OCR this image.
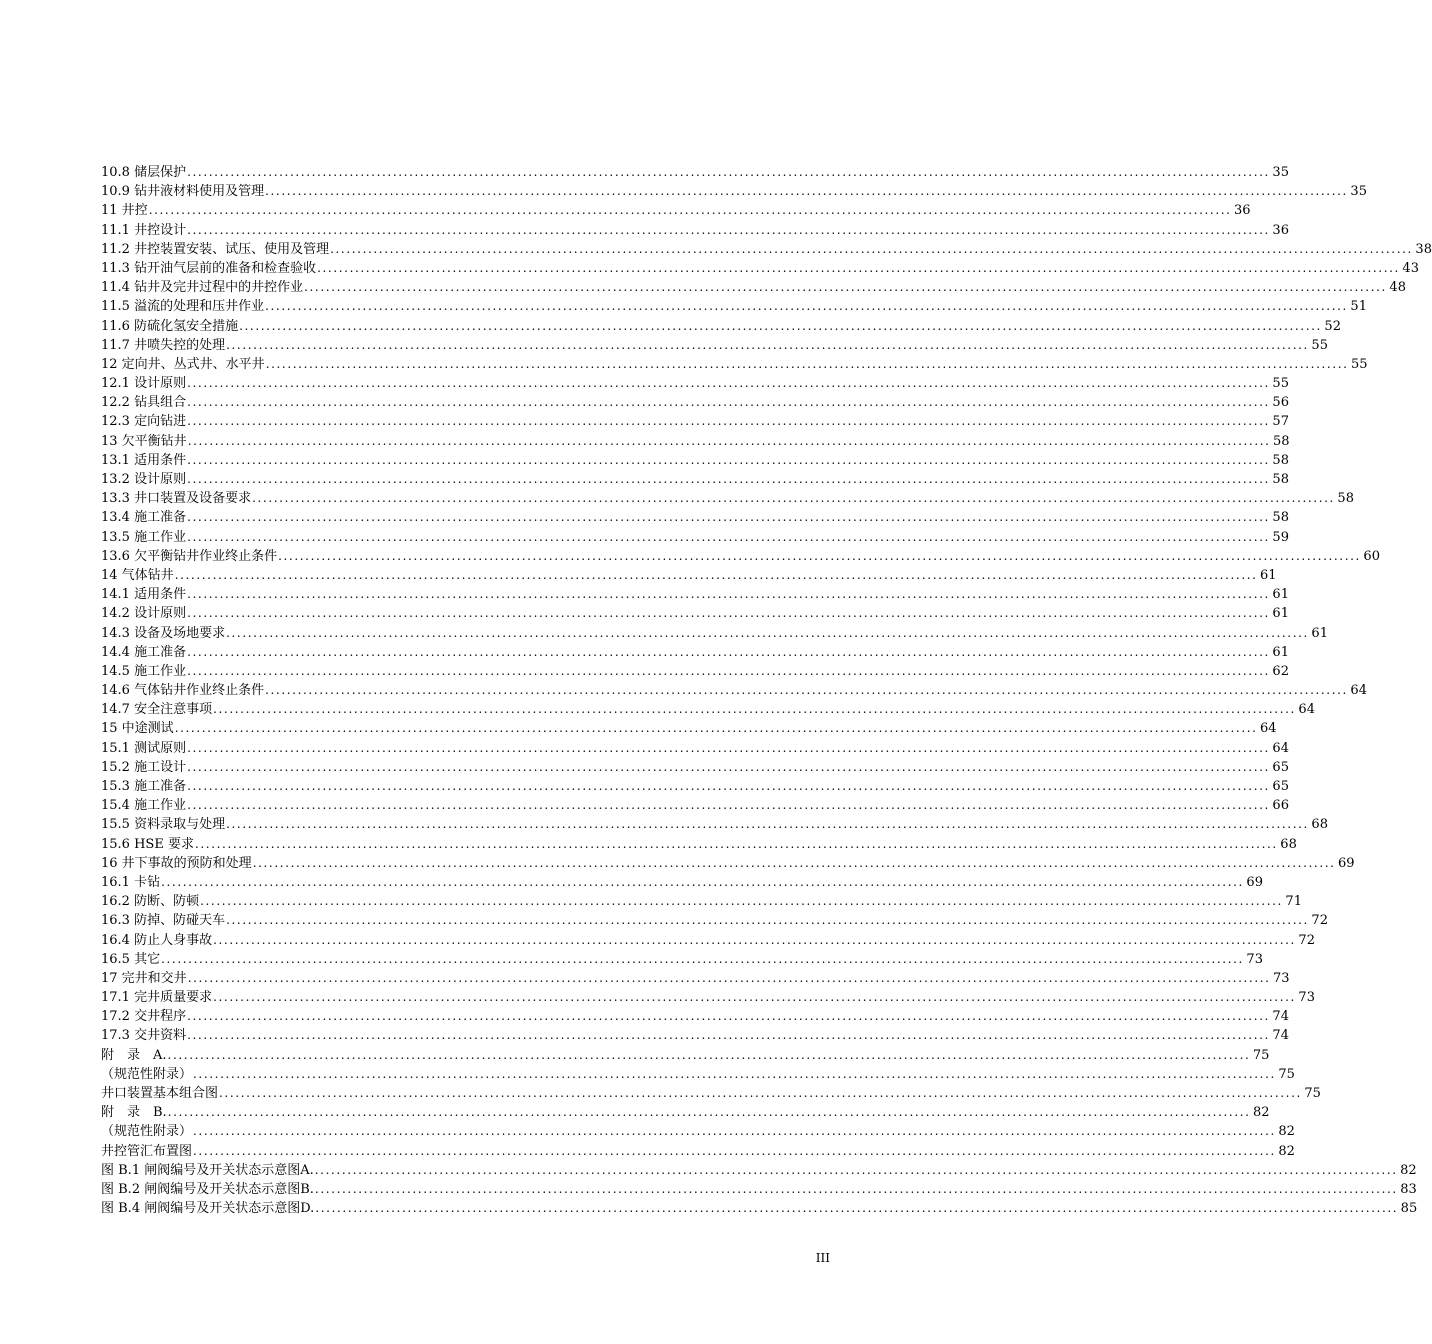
10.8 储层保护 ........................................................................................................................................................................................................ 35
10.9 钻井液材料使用及管理 ........................................................................................................................................................................................................ 35
11 井控 ........................................................................................................................................................................................................ 36
11.1 井控设计 ........................................................................................................................................................................................................ 36
11.2 井控装置安装、试压、使用及管理 ........................................................................................................................................................................................................ 38
11.3 钻开油气层前的准备和检查验收 ........................................................................................................................................................................................................ 43
11.4 钻井及完井过程中的井控作业 ........................................................................................................................................................................................................ 48
11.5 溢流的处理和压井作业 ........................................................................................................................................................................................................ 51
11.6 防硫化氢安全措施 ........................................................................................................................................................................................................ 52
11.7 井喷失控的处理 ........................................................................................................................................................................................................ 55
12 定向井、丛式井、水平井 ........................................................................................................................................................................................................ 55
12.1 设计原则 ........................................................................................................................................................................................................ 55
12.2 钻具组合 ........................................................................................................................................................................................................ 56
12.3 定向钻进 ........................................................................................................................................................................................................ 57
13 欠平衡钻井 ........................................................................................................................................................................................................ 58
13.1 适用条件 ........................................................................................................................................................................................................ 58
13.2 设计原则 ........................................................................................................................................................................................................ 58
13.3 井口装置及设备要求 ........................................................................................................................................................................................................ 58
13.4 施工准备 ........................................................................................................................................................................................................ 58
13.5 施工作业 ........................................................................................................................................................................................................ 59
13.6 欠平衡钻井作业终止条件 ........................................................................................................................................................................................................ 60
14 气体钻井 ........................................................................................................................................................................................................ 61
14.1 适用条件 ........................................................................................................................................................................................................ 61
14.2 设计原则 ........................................................................................................................................................................................................ 61
14.3 设备及场地要求 ........................................................................................................................................................................................................ 61
14.4 施工准备 ........................................................................................................................................................................................................ 61
14.5 施工作业 ........................................................................................................................................................................................................ 62
14.6 气体钻井作业终止条件 ........................................................................................................................................................................................................ 64
14.7 安全注意事项 ........................................................................................................................................................................................................ 64
15 中途测试 ........................................................................................................................................................................................................ 64
15.1 测试原则 ........................................................................................................................................................................................................ 64
15.2 施工设计 ........................................................................................................................................................................................................ 65
15.3 施工准备 ........................................................................................................................................................................................................ 65
15.4 施工作业 ........................................................................................................................................................................................................ 66
15.5 资料录取与处理 ........................................................................................................................................................................................................ 68
15.6 HSE 要求 ........................................................................................................................................................................................................ 68
16 井下事故的预防和处理 ........................................................................................................................................................................................................ 69
16.1 卡钻 ........................................................................................................................................................................................................ 69
16.2 防断、防顿 ........................................................................................................................................................................................................ 71
16.3 防掉、防碰天车 ........................................................................................................................................................................................................ 72
16.4 防止人身事故 ........................................................................................................................................................................................................ 72
16.5 其它 ........................................................................................................................................................................................................ 73
17 完井和交井 ........................................................................................................................................................................................................ 73
17.1 完井质量要求 ........................................................................................................................................................................................................ 73
17.2 交井程序 ........................................................................................................................................................................................................ 74
17.3 交井资料 ........................................................................................................................................................................................................ 74
附　录　A. ........................................................................................................................................................................................................ 75
（规范性附录） ........................................................................................................................................................................................................ 75
井口装置基本组合图 ........................................................................................................................................................................................................ 75
附　录　B. ........................................................................................................................................................................................................ 82
（规范性附录） ........................................................................................................................................................................................................ 82
井控管汇布置图 ........................................................................................................................................................................................................ 82
图 B.1 闸阀编号及开关状态示意图A. ........................................................................................................................................................................................................ 82
图 B.2 闸阀编号及开关状态示意图B. ........................................................................................................................................................................................................ 83
图 B.4 闸阀编号及开关状态示意图D. ........................................................................................................................................................................................................ 85
III
